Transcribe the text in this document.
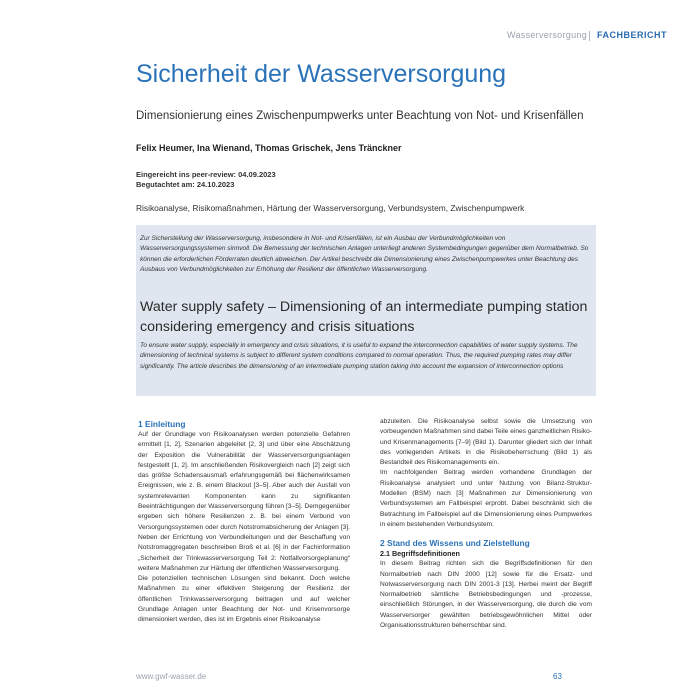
Wasserversorgung FACHBERICHT
Sicherheit der Wasserversorgung
Dimensionierung eines Zwischenpumpwerks unter Beachtung von Not- und Krisenfällen
Felix Heumer, Ina Wienand, Thomas Grischek, Jens Tränckner
Eingereicht ins peer-review: 04.09.2023
Begutachtet am: 24.10.2023
Risikoanalyse, Risikomaßnahmen, Härtung der Wasserversorgung, Verbundsystem, Zwischenpumpwerk
Zur Sicherstellung der Wasserversorgung, insbesondere in Not- und Krisenfällen, ist ein Ausbau der Verbundmöglichkeiten von Wasserversorgungssystemen sinnvoll. Die Bemessung der technischen Anlagen unterliegt anderen Systembedingungen gegenüber dem Normalbetrieb. So können die erforderlichen Förderraten deutlich abweichen. Der Artikel beschreibt die Dimensionierung eines Zwischenpumpwerkes unter Beachtung des Ausbaus von Verbundmöglichkeiten zur Erhöhung der Resilienz der öffentlichen Wasserversorgung.
Water supply safety – Dimensioning of an intermediate pumping station considering emergency and crisis situations
To ensure water supply, especially in emergency and crisis situations, it is useful to expand the interconnection capabilities of water supply systems. The dimensioning of technical systems is subject to different system conditions compared to normal operation. Thus, the required pumping rates may differ significantly. The article describes the dimensioning of an intermediate pumping station taking into account the expansion of interconnection options
1 Einleitung

Auf der Grundlage von Risikoanalysen werden potenzielle Gefahren ermittelt [1, 2], Szenarien abgeleitet [2, 3] und über eine Abschätzung der Exposition die Vulnerabilität der Wasserversorgungsanlagen festgestellt [1, 2]. Im anschließenden Risikovergleich nach [2] zeigt sich das größte Schadensausmaß erfahrungsgemäß bei flächenwirksamen Ereignissen, wie z. B. einem Blackout [3–5]. Aber auch der Ausfall von systemrelevanten Komponenten kann zu signifikanten Beeinträchtigungen der Wasserversorgung führen [3–5]. Demgegenüber ergeben sich höhere Resilienzen z. B. bei einem Verbund von Versorgungssystemen oder durch Notstromabsicherung der Anlagen [3]. Neben der Errichtung von Verbundleitungen und der Beschaffung von Notstromaggregaten beschreiben Broß et al. [6] in der Fachinformation „Sicherheit der Trinkwasserversorgung Teil 2: Notfallvorsorgeplanung“ weitere Maßnahmen zur Härtung der öffentlichen Wasserversorgung.

Die potenziellen technischen Lösungen sind bekannt. Doch welche Maßnahmen zu einer effektiven Steigerung der Resilienz der öffentlichen Trinkwasserversorgung beitragen und auf welcher Grundlage Anlagen unter Beachtung der Not- und Krisenvorsorge dimensioniert werden, dies ist im Ergebnis einer Risikoanalyse

abzuleiten. Die Risikoanalyse selbst sowie die Umsetzung von vorbeugenden Maßnahmen sind dabei Teile eines ganzheitlichen Risiko- und Krisenmanagements [7–9] (Bild 1). Darunter gliedert sich der Inhalt des vorliegenden Artikels in die Risikobeherrschung (Bild 1) als Bestandteil des Risikomanagements ein.

Im nachfolgenden Beitrag werden vorhandene Grundlagen der Risikoanalyse analysiert und unter Nutzung von Bilanz-Struktur-Modellen (BSM) nach [3] Maßnahmen zur Dimensionierung von Verbundsystemen am Fallbeispiel erprobt. Dabei beschränkt sich die Betrachtung im Fallbeispiel auf die Dimensionierung eines Pumpwerkes in einem bestehenden Verbundsystem.

2 Stand des Wissens und Zielstellung
2.1 Begriffsdefinitionen

In diesem Beitrag richten sich die Begriffsdefinitionen für den Normalbetrieb nach DIN 2000 [12] sowie für die Ersatz- und Notwasserversorgung nach DIN 2001-3 [13]. Herbei meint der Begriff Normalbetrieb sämtliche Betriebsbedingungen und -prozesse, einschließlich Störungen, in der Wasserversorgung, die durch die vom Wasserversorger gewählten betriebsgewöhnlichen Mittel oder Organisationsstrukturen beherrschbar sind.

www.gwf-wasser.de	63
